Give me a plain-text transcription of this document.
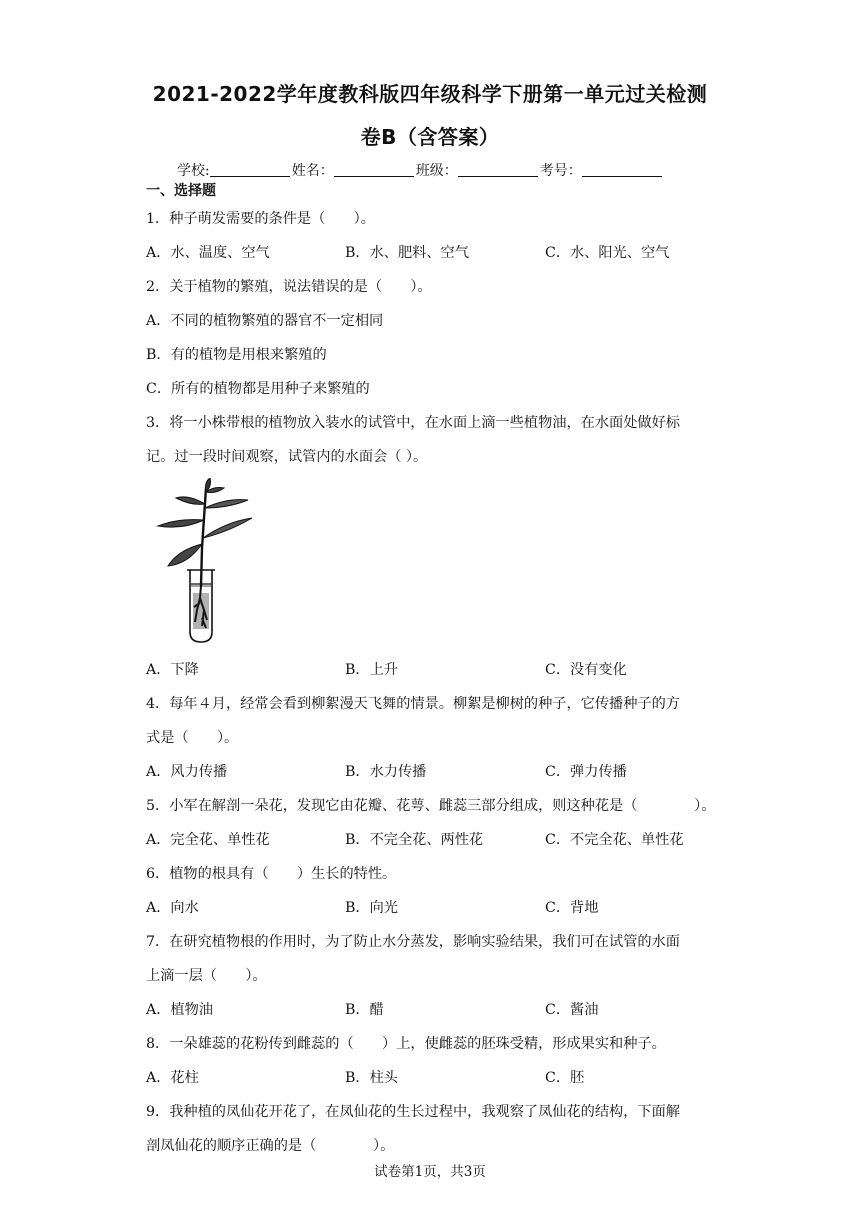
2021-2022学年度教科版四年级科学下册第一单元过关检测
卷B（含答案）
学校:	姓名：	班级：	考号：
一、选择题
1．种子萌发需要的条件是（　　）。
A．水、温度、空气	B．水、肥料、空气	C．水、阳光、空气
2．关于植物的繁殖，说法错误的是（　　）。
A．不同的植物繁殖的器官不一定相同
B．有的植物是用根来繁殖的
C．所有的植物都是用种子来繁殖的
3．将一小株带根的植物放入装水的试管中，在水面上滴一些植物油，在水面处做好标
记。过一段时间观察，试管内的水面会（ ）。
A．下降	B．上升	C．没有变化
4．每年４月，经常会看到柳絮漫天飞舞的情景。柳絮是柳树的种子，它传播种子的方
式是（　　）。
A．风力传播	B．水力传播	C．弹力传播
5．小军在解剖一朵花，发现它由花瓣、花萼、雌蕊三部分组成，则这种花是（　　　　）。
A．完全花、单性花	B．不完全花、两性花	C．不完全花、单性花
6．植物的根具有（　　）生长的特性。
A．向水	B．向光	C．背地
7．在研究植物根的作用时，为了防止水分蒸发，影响实验结果，我们可在试管的水面
上滴一层（　　）。
A．植物油	B．醋	C．酱油
8．一朵雄蕊的花粉传到雌蕊的（　　）上，使雌蕊的胚珠受精，形成果实和种子。
A．花柱	B．柱头	C．胚
9．我种植的凤仙花开花了，在凤仙花的生长过程中，我观察了凤仙花的结构，下面解
剖凤仙花的顺序正确的是（　　　　）。
试卷第1页，共3页
